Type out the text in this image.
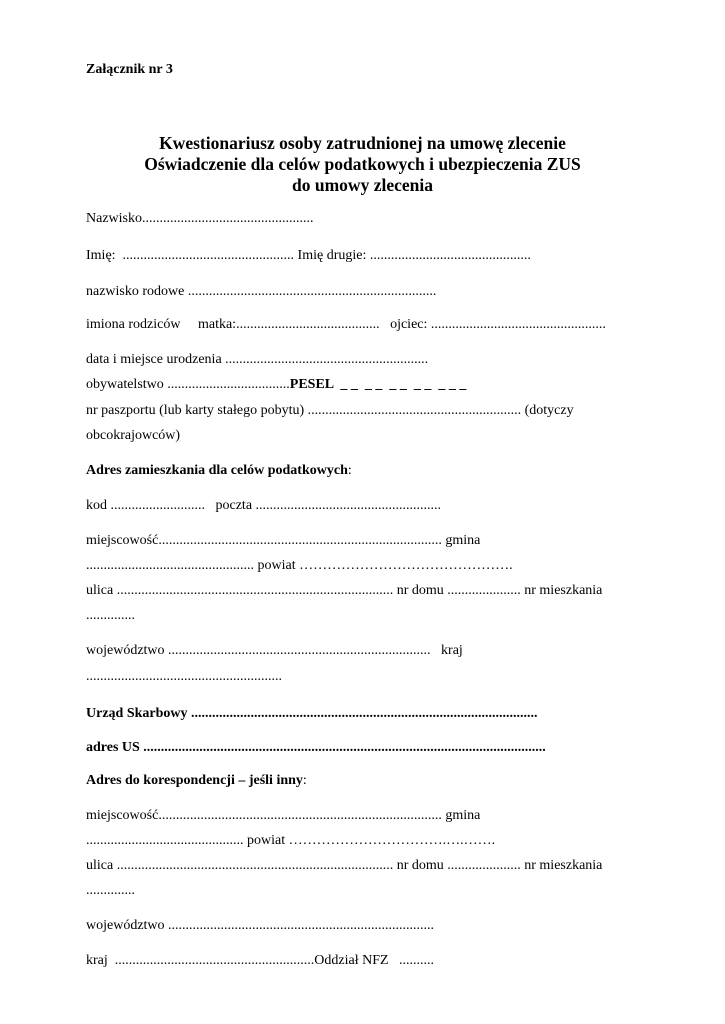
Załącznik nr 3
Kwestionariusz osoby zatrudnionej na umowę zlecenie
Oświadczenie dla celów podatkowych i ubezpieczenia ZUS
do umowy zlecenia
Nazwisko.................................................
Imię:  ................................................. Imię drugie: ..............................................
nazwisko rodowe .......................................................................
imiona rodziców     matka:.........................................   ojciec: ..................................................
data i miejsce urodzenia ..........................................................
obywatelstwo ...................................PESEL  _ _  _ _  _ _  _ _  _ _ _
nr paszportu (lub karty stałego pobytu) ............................................................. (dotyczy
obcokrajowców)
Adres zamieszkania dla celów podatkowych:
kod ...........................   poczta .....................................................
miejscowość................................................................................. gmina
................................................ powiat ……………………………………….
ulica ............................................................................... nr domu ..................... nr mieszkania
..............
województwo ...........................................................................   kraj
........................................................
Urząd Skarbowy ...................................................................................................
adres US ...................................................................................................................
Adres do korespondencji – jeśli inny:
miejscowość................................................................................. gmina
............................................. powiat …………………………….….…….
ulica ............................................................................... nr domu ..................... nr mieszkania
..............
województwo ............................................................................
kraj  .........................................................Oddział NFZ   ..........
